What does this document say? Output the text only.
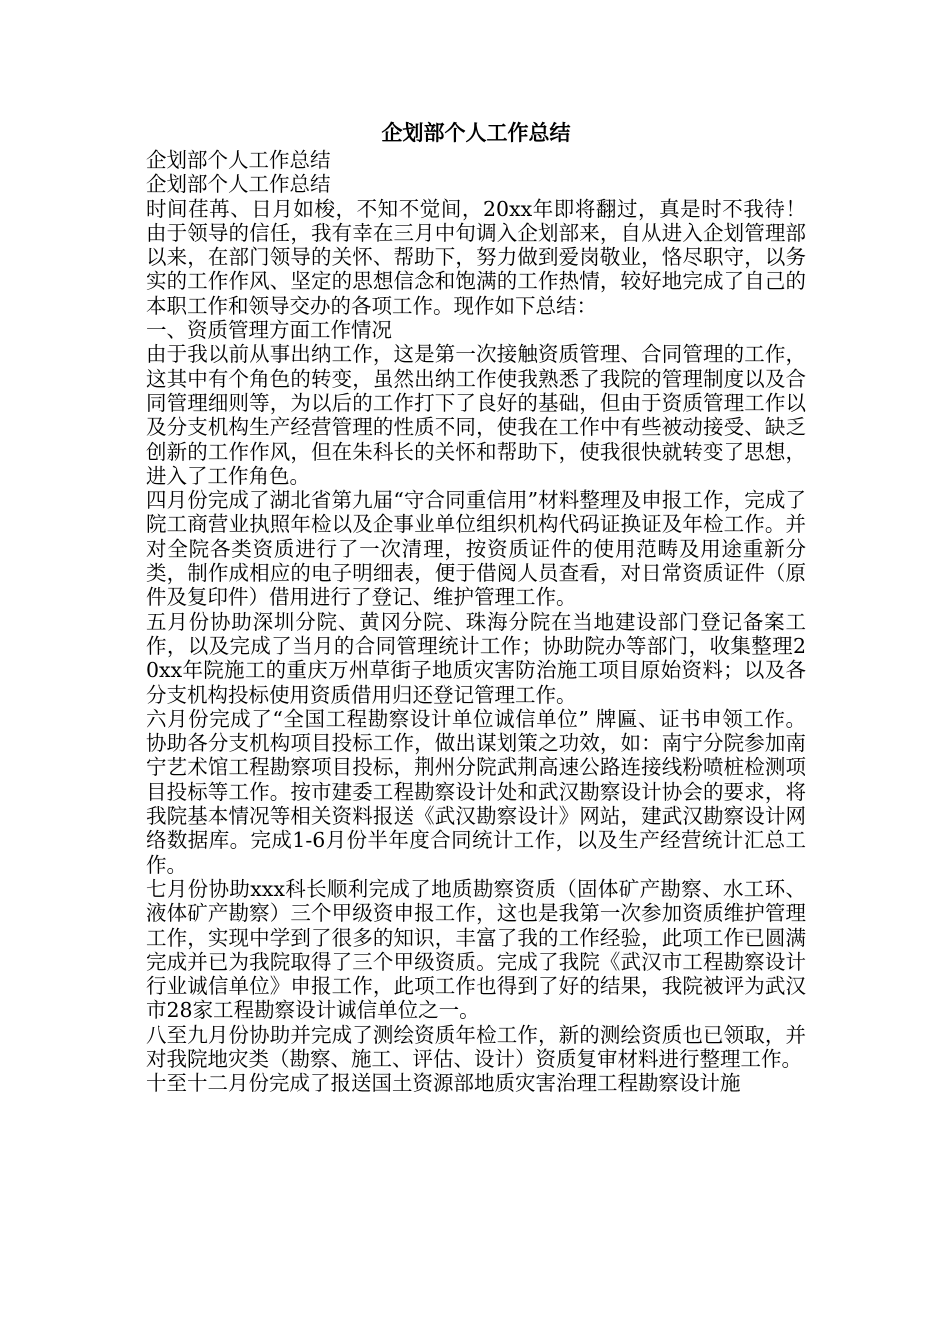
企划部个人工作总结

企划部个人工作总结

企划部个人工作总结

时间荏苒、日月如梭，不知不觉间，20xx年即将翻过，真是时不我待！由于领导的信任，我有幸在三月中旬调入企划部来，自从进入企划管理部以来，在部门领导的关怀、帮助下，努力做到爱岗敬业，恪尽职守，以务实的工作作风、坚定的思想信念和饱满的工作热情，较好地完成了自己的本职工作和领导交办的各项工作。现作如下总结：

一、资质管理方面工作情况

由于我以前从事出纳工作，这是第一次接触资质管理、合同管理的工作，这其中有个角色的转变，虽然出纳工作使我熟悉了我院的管理制度以及合同管理细则等，为以后的工作打下了良好的基础，但由于资质管理工作以及分支机构生产经营管理的性质不同，使我在工作中有些被动接受、缺乏创新的工作作风，但在朱科长的关怀和帮助下，使我很快就转变了思想，进入了工作角色。

四月份完成了湖北省第九届“守合同重信用”材料整理及申报工作，完成了院工商营业执照年检以及企事业单位组织机构代码证换证及年检工作。并对全院各类资质进行了一次清理，按资质证件的使用范畴及用途重新分类，制作成相应的电子明细表，便于借阅人员查看，对日常资质证件（原件及复印件）借用进行了登记、维护管理工作。

五月份协助深圳分院、黄冈分院、珠海分院在当地建设部门登记备案工作，以及完成了当月的合同管理统计工作；协助院办等部门，收集整理20xx年院施工的重庆万州草街子地质灾害防治施工项目原始资料；以及各分支机构投标使用资质借用归还登记管理工作。

六月份完成了“全国工程勘察设计单位诚信单位” 牌匾、证书申领工作。协助各分支机构项目投标工作，做出谋划策之功效，如：南宁分院参加南宁艺术馆工程勘察项目投标，荆州分院武荆高速公路连接线粉喷桩检测项目投标等工作。按市建委工程勘察设计处和武汉勘察设计协会的要求，将我院基本情况等相关资料报送《武汉勘察设计》网站，建武汉勘察设计网络数据库。完成1-6月份半年度合同统计工作，以及生产经营统计汇总工作。

七月份协助xxx科长顺利完成了地质勘察资质（固体矿产勘察、水工环、液体矿产勘察）三个甲级资申报工作，这也是我第一次参加资质维护管理工作，实现中学到了很多的知识，丰富了我的工作经验，此项工作已圆满完成并已为我院取得了三个甲级资质。完成了我院《武汉市工程勘察设计行业诚信单位》申报工作，此项工作也得到了好的结果，我院被评为武汉市28家工程勘察设计诚信单位之一。

八至九月份协助并完成了测绘资质年检工作，新的测绘资质也已领取，并对我院地灾类（勘察、施工、评估、设计）资质复审材料进行整理工作。

十至十二月份完成了报送国土资源部地质灾害治理工程勘察设计施
